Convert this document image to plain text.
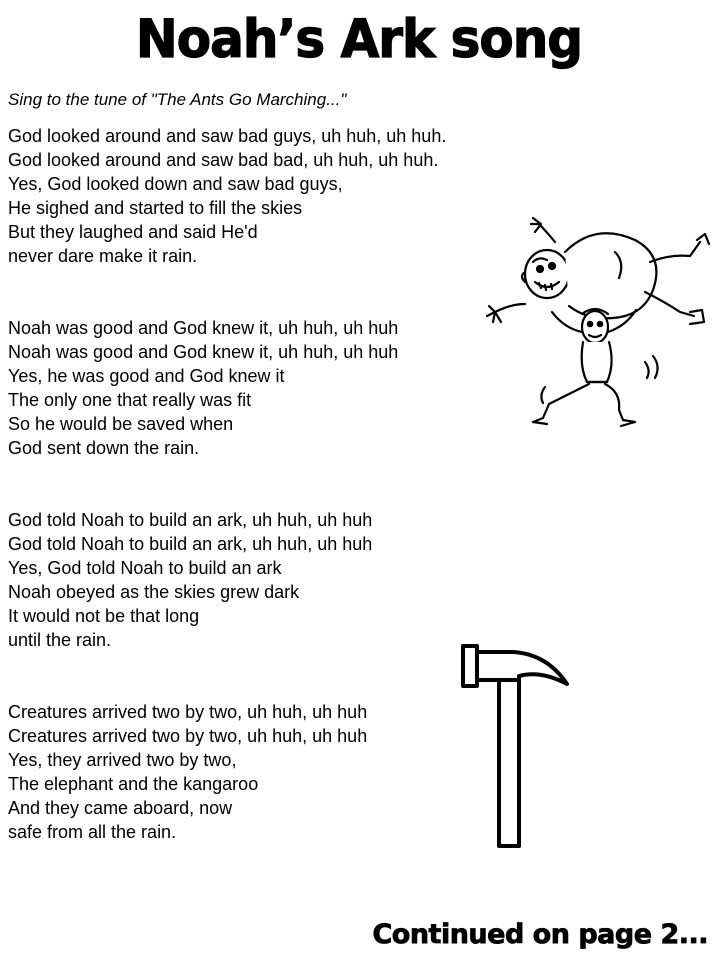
Noah’s Ark song
Sing to the tune of "The Ants Go Marching..."
God looked around and saw bad guys, uh huh, uh huh.
God looked around and saw bad bad, uh huh, uh huh.
Yes, God looked down and saw bad guys,
He sighed and started to fill the skies
But they laughed and said He'd
never dare make it rain.
Noah was good and God knew it, uh huh, uh huh
Noah was good and God knew it, uh huh, uh huh
Yes, he was good and God knew it
The only one that really was fit
So he would be saved when
God sent down the rain.
God told Noah to build an ark, uh huh, uh huh
God told Noah to build an ark, uh huh, uh huh
Yes, God told Noah to build an ark
Noah obeyed as the skies grew dark
It would not be that long
until the rain.
Creatures arrived two by two, uh huh, uh huh
Creatures arrived two by two, uh huh, uh huh
Yes, they arrived two by two,
The elephant and the kangaroo
And they came aboard, now
safe from all the rain.
Continued on page 2...
